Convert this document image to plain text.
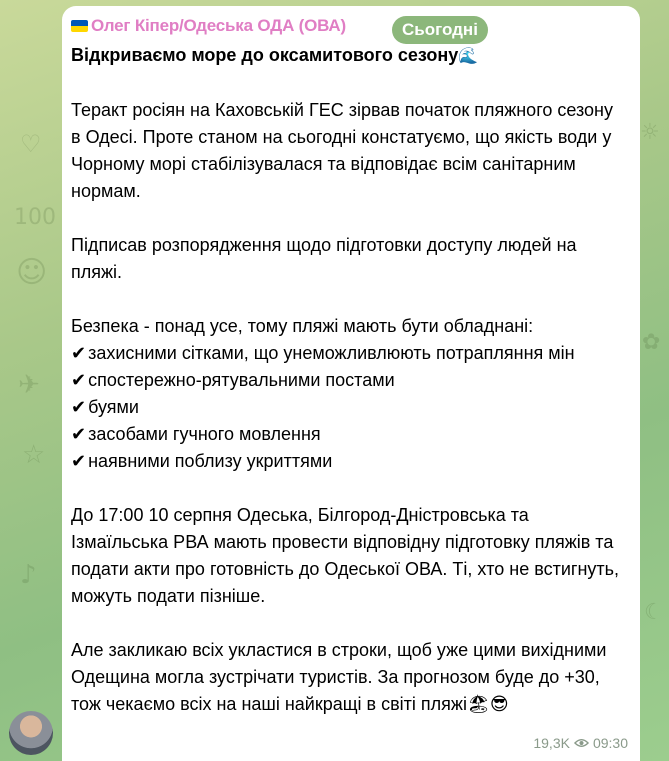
100
☺
♡
☆
✈
♪
☼
✿
☾
Олег Кіпер/Одеська ОДА (ОВА)	Сьогодні
Відкриваємо море до оксамитового сезону🌊
Теракт росіян на Каховській ГЕС зірвав початок пляжного сезону в Одесі. Проте станом на сьогодні констатуємо, що якість води у Чорному морі стабілізувалася та відповідає всім санітарним нормам.
Підписав розпорядження щодо підготовки доступу людей на пляжі.
Безпека - понад усе, тому пляжі мають бути обладнані:
✔ захисними сітками, що унеможливлюють потрапляння мін
✔ спостережно-рятувальними постами
✔ буями
✔ засобами гучного мовлення
✔ наявними поблизу укриттями
До 17:00 10 серпня Одеська, Білгород-Дністровська та Ізмаїльська РВА мають провести відповідну підготовку пляжів та подати акти про готовність до Одеської ОВА. Ті, хто не встигнуть, можуть подати пізніше.
Але закликаю всіх укластися в строки, щоб уже цими вихідними Одещина могла зустрічати туристів. За прогнозом буде до +30, тож чекаємо всіх на наші найкращі в світі пляжі🏖😎
19,3K 09:30
